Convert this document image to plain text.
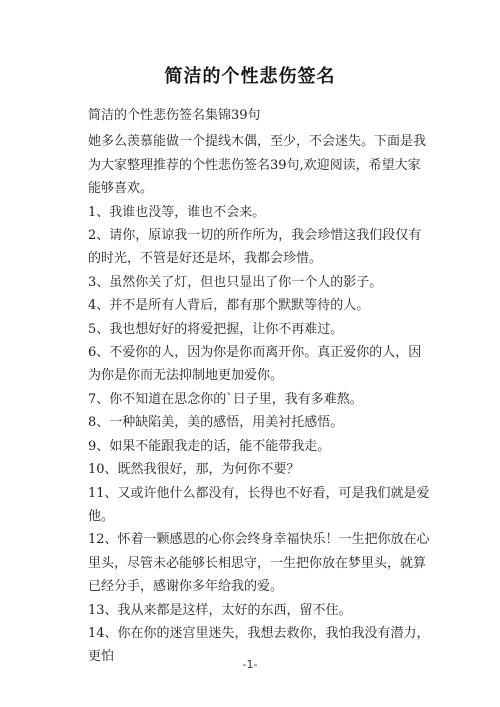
简洁的个性悲伤签名

简洁的个性悲伤签名集锦39句

她多么羡慕能做一个提线木偶，至少，不会迷失。下面是我为大家整理推荐的个性悲伤签名39句,欢迎阅读，希望大家能够喜欢。

1、我谁也没等，谁也不会来。

2、请你，原谅我一切的所作所为，我会珍惜这我们段仅有的时光，不管是好还是坏，我都会珍惜。

3、虽然你关了灯，但也只显出了你一个人的影子。

4、并不是所有人背后，都有那个默默等待的人。

5、我也想好好的将爱把握，让你不再难过。

6、不爱你的人，因为你是你而离开你。真正爱你的人，因为你是你而无法抑制地更加爱你。

7、你不知道在思念你的`日子里，我有多难熬。

8、一种缺陷美，美的感悟，用美衬托感悟。

9、如果不能跟我走的话，能不能带我走。

10、既然我很好，那，为何你不要？

11、又或许他什么都没有，长得也不好看，可是我们就是爱他。

12、怀着一颗感恩的心你会终身幸福快乐！一生把你放在心里头，尽管未必能够长相思守，一生把你放在梦里头，就算已经分手，感谢你多年给我的爱。

13、我从来都是这样，太好的东西，留不住。

14、你在你的迷宫里迷失，我想去救你，我怕我没有潜力，更怕

-1-
